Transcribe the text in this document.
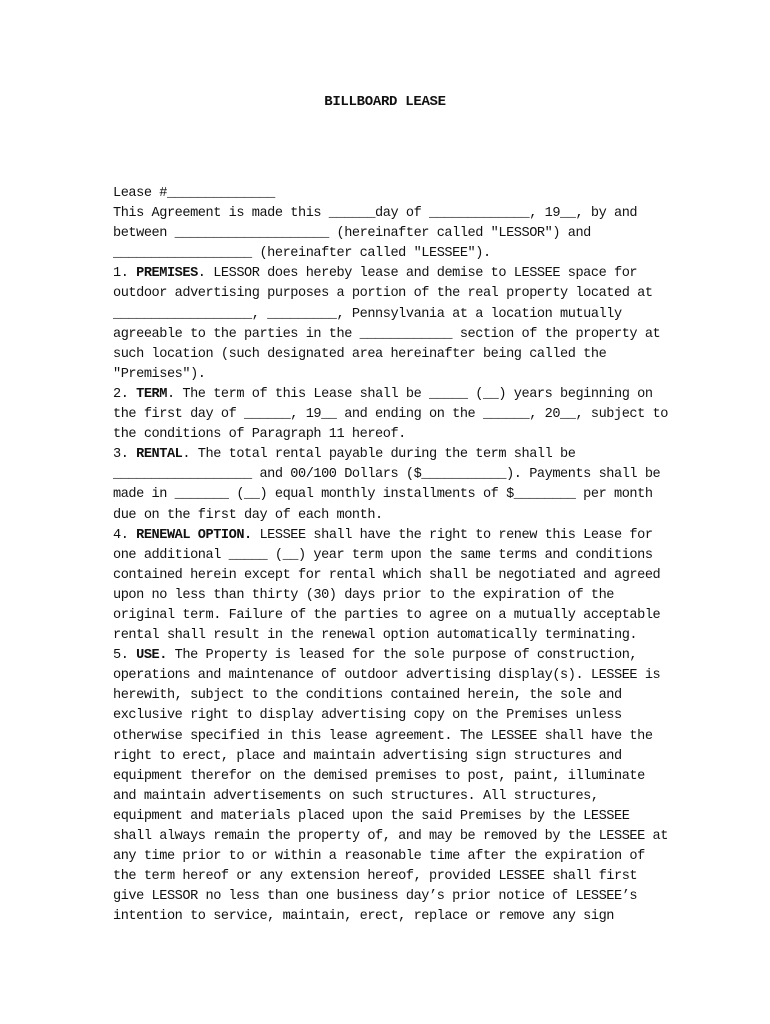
BILLBOARD LEASE
Lease #______________
This Agreement is made this ______day of _____________, 19__, by and
between ____________________ (hereinafter called "LESSOR") and
__________________ (hereinafter called "LESSEE").
1. PREMISES. LESSOR does hereby lease and demise to LESSEE space for
outdoor advertising purposes a portion of the real property located at
__________________, _________, Pennsylvania at a location mutually
agreeable to the parties in the ____________ section of the property at
such location (such designated area hereinafter being called the
"Premises").
2. TERM. The term of this Lease shall be _____ (__) years beginning on
the first day of ______, 19__ and ending on the ______, 20__, subject to
the conditions of Paragraph 11 hereof.
3. RENTAL. The total rental payable during the term shall be
__________________ and 00/100 Dollars ($___________). Payments shall be
made in _______ (__) equal monthly installments of $________ per month
due on the first day of each month.
4. RENEWAL OPTION. LESSEE shall have the right to renew this Lease for
one additional _____ (__) year term upon the same terms and conditions
contained herein except for rental which shall be negotiated and agreed
upon no less than thirty (30) days prior to the expiration of the
original term. Failure of the parties to agree on a mutually acceptable
rental shall result in the renewal option automatically terminating.
5. USE. The Property is leased for the sole purpose of construction,
operations and maintenance of outdoor advertising display(s). LESSEE is
herewith, subject to the conditions contained herein, the sole and
exclusive right to display advertising copy on the Premises unless
otherwise specified in this lease agreement. The LESSEE shall have the
right to erect, place and maintain advertising sign structures and
equipment therefor on the demised premises to post, paint, illuminate
and maintain advertisements on such structures. All structures,
equipment and materials placed upon the said Premises by the LESSEE
shall always remain the property of, and may be removed by the LESSEE at
any time prior to or within a reasonable time after the expiration of
the term hereof or any extension hereof, provided LESSEE shall first
give LESSOR no less than one business day’s prior notice of LESSEE’s
intention to service, maintain, erect, replace or remove any sign
